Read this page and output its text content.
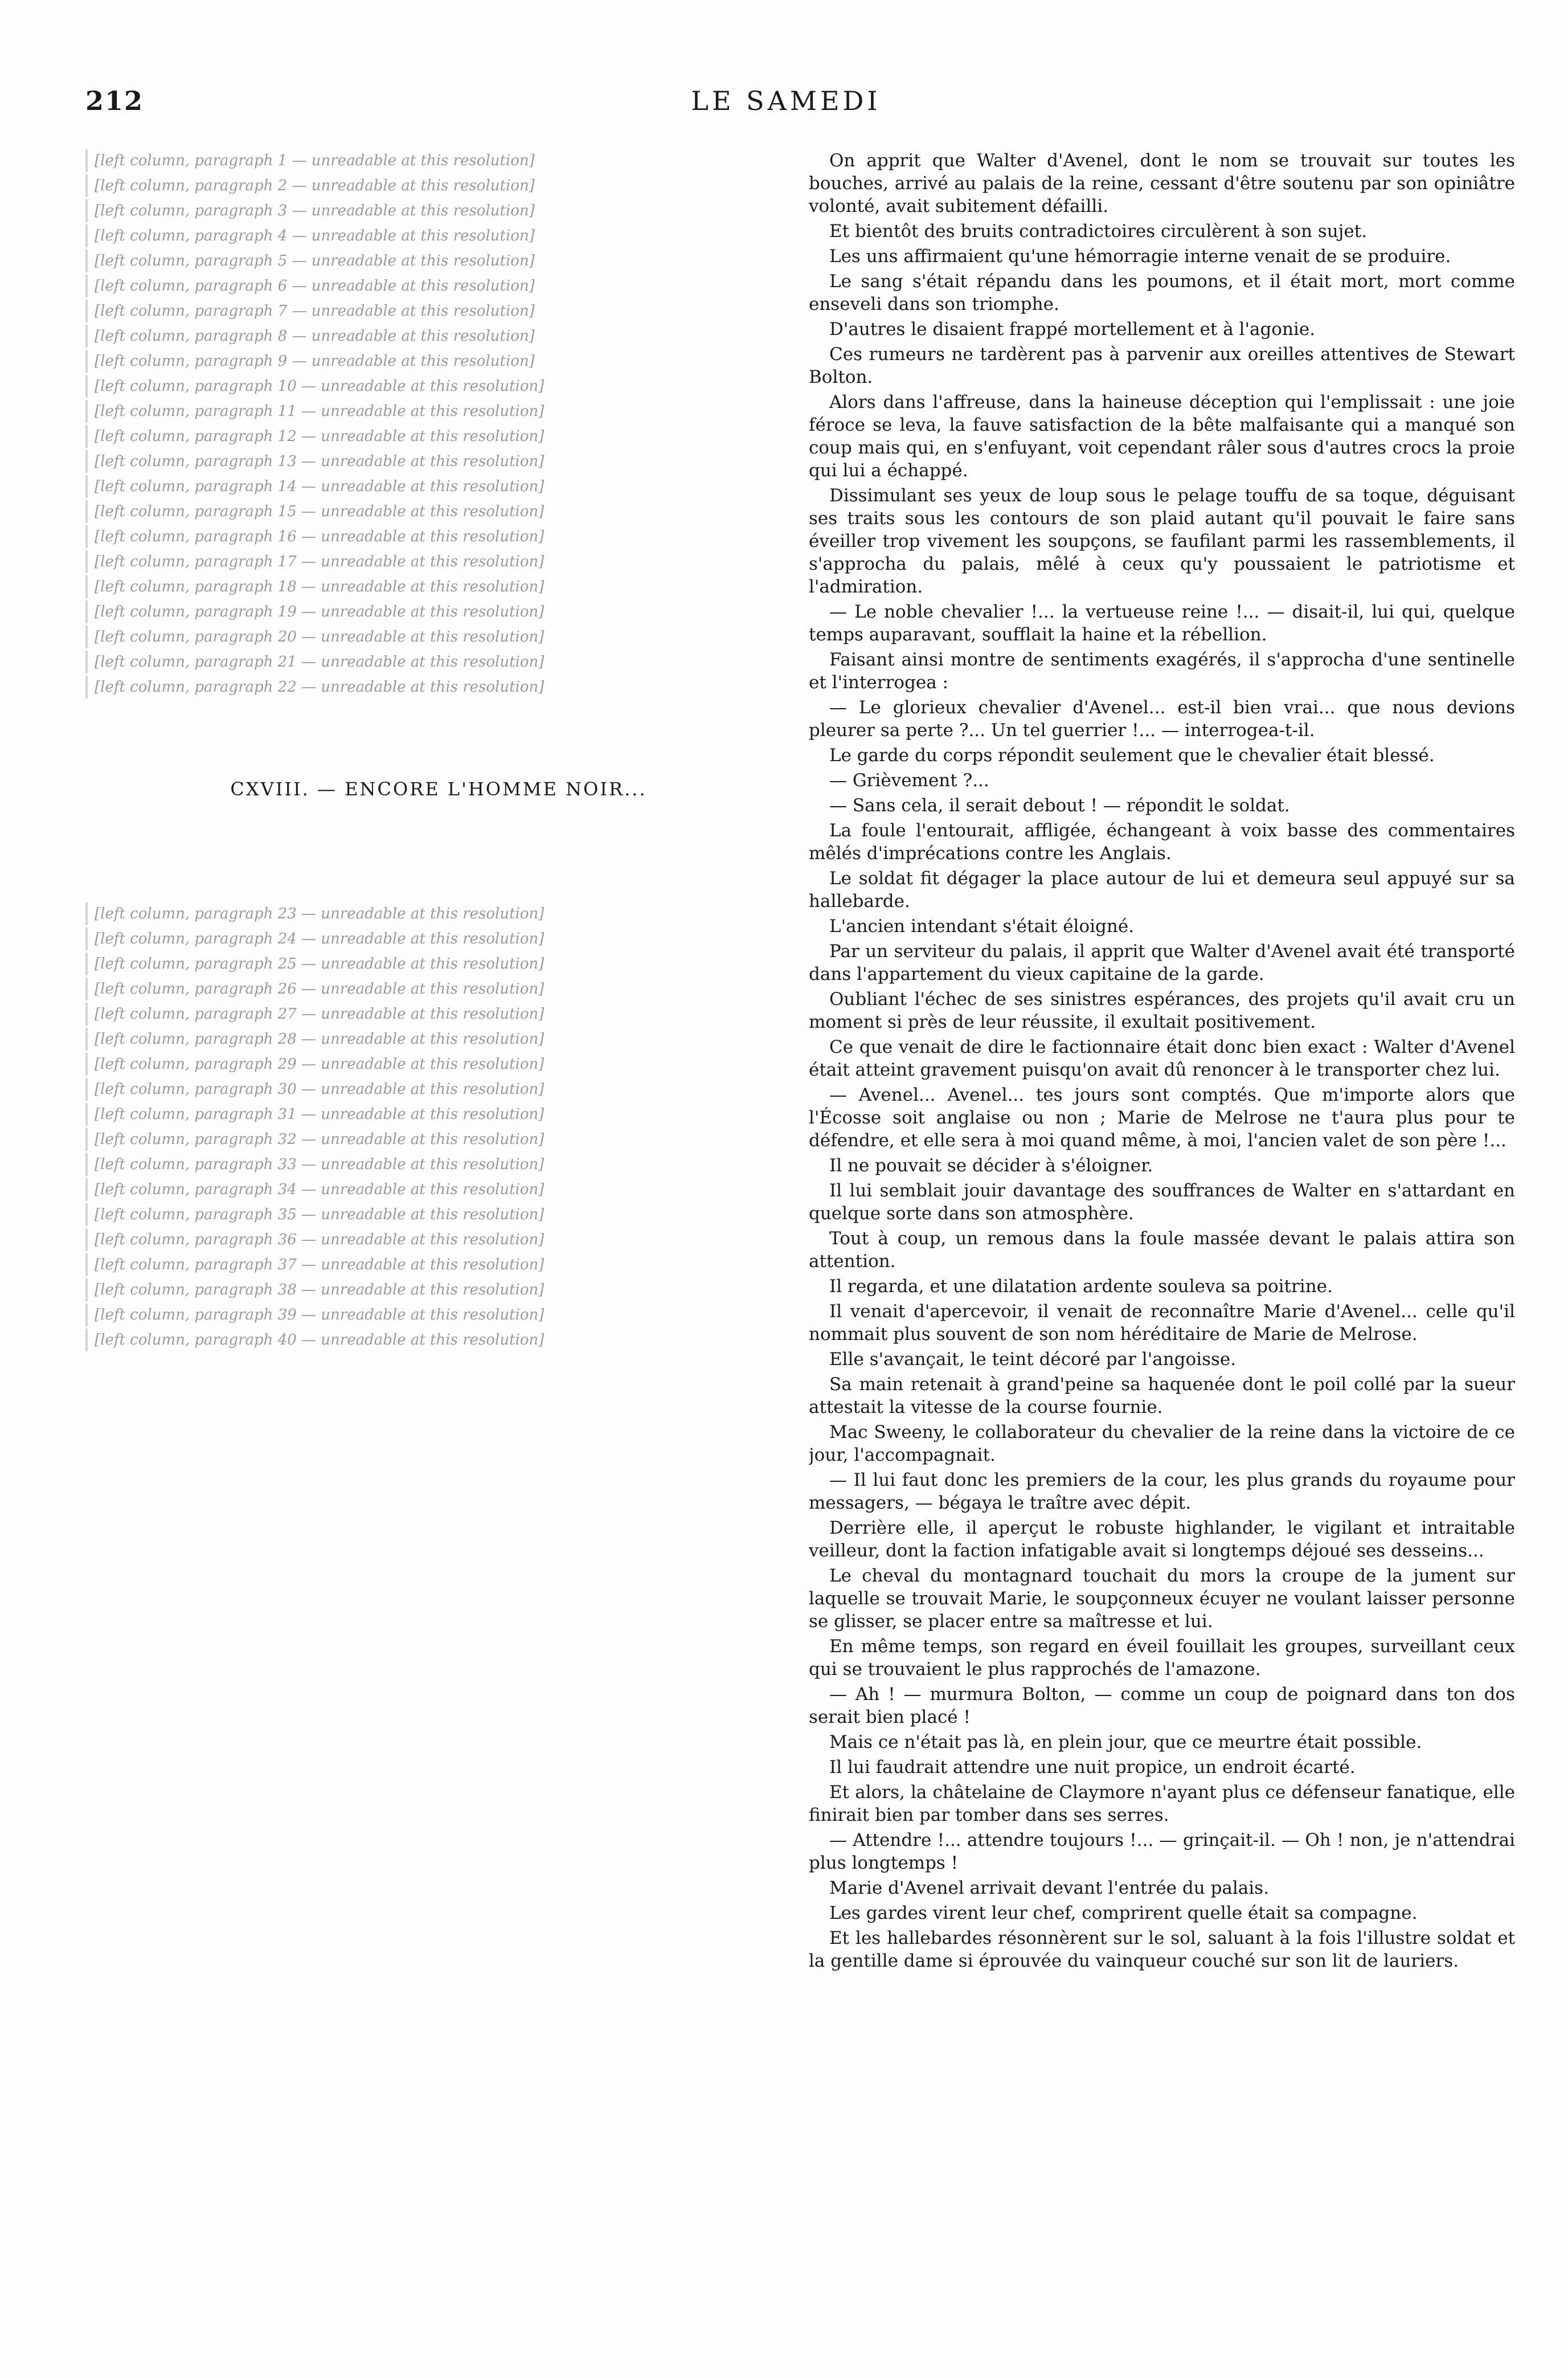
212	LE SAMEDI

[left column, paragraph 1 — unreadable at this resolution]

[left column, paragraph 2 — unreadable at this resolution]

[left column, paragraph 3 — unreadable at this resolution]

[left column, paragraph 4 — unreadable at this resolution]

[left column, paragraph 5 — unreadable at this resolution]

[left column, paragraph 6 — unreadable at this resolution]

[left column, paragraph 7 — unreadable at this resolution]

[left column, paragraph 8 — unreadable at this resolution]

[left column, paragraph 9 — unreadable at this resolution]

[left column, paragraph 10 — unreadable at this resolution]

[left column, paragraph 11 — unreadable at this resolution]

[left column, paragraph 12 — unreadable at this resolution]

[left column, paragraph 13 — unreadable at this resolution]

[left column, paragraph 14 — unreadable at this resolution]

[left column, paragraph 15 — unreadable at this resolution]

[left column, paragraph 16 — unreadable at this resolution]

[left column, paragraph 17 — unreadable at this resolution]

[left column, paragraph 18 — unreadable at this resolution]

[left column, paragraph 19 — unreadable at this resolution]

[left column, paragraph 20 — unreadable at this resolution]

[left column, paragraph 21 — unreadable at this resolution]

[left column, paragraph 22 — unreadable at this resolution]

CXVIII. — ENCORE L'HOMME NOIR...

[left column, paragraph 23 — unreadable at this resolution]

[left column, paragraph 24 — unreadable at this resolution]

[left column, paragraph 25 — unreadable at this resolution]

[left column, paragraph 26 — unreadable at this resolution]

[left column, paragraph 27 — unreadable at this resolution]

[left column, paragraph 28 — unreadable at this resolution]

[left column, paragraph 29 — unreadable at this resolution]

[left column, paragraph 30 — unreadable at this resolution]

[left column, paragraph 31 — unreadable at this resolution]

[left column, paragraph 32 — unreadable at this resolution]

[left column, paragraph 33 — unreadable at this resolution]

[left column, paragraph 34 — unreadable at this resolution]

[left column, paragraph 35 — unreadable at this resolution]

[left column, paragraph 36 — unreadable at this resolution]

[left column, paragraph 37 — unreadable at this resolution]

[left column, paragraph 38 — unreadable at this resolution]

[left column, paragraph 39 — unreadable at this resolution]

[left column, paragraph 40 — unreadable at this resolution]

On apprit que Walter d'Avenel, dont le nom se trouvait sur toutes les bouches, arrivé au palais de la reine, cessant d'être soutenu par son opiniâtre volonté, avait subitement défailli.

Et bientôt des bruits contradictoires circulèrent à son sujet.

Les uns affirmaient qu'une hémorragie interne venait de se produire.

Le sang s'était répandu dans les poumons, et il était mort, mort comme enseveli dans son triomphe.

D'autres le disaient frappé mortellement et à l'agonie.

Ces rumeurs ne tardèrent pas à parvenir aux oreilles attentives de Stewart Bolton.

Alors dans l'affreuse, dans la haineuse déception qui l'emplissait : une joie féroce se leva, la fauve satisfaction de la bête malfaisante qui a manqué son coup mais qui, en s'enfuyant, voit cependant râler sous d'autres crocs la proie qui lui a échappé.

Dissimulant ses yeux de loup sous le pelage touffu de sa toque, déguisant ses traits sous les contours de son plaid autant qu'il pouvait le faire sans éveiller trop vivement les soupçons, se faufilant parmi les rassemblements, il s'approcha du palais, mêlé à ceux qu'y poussaient le patriotisme et l'admiration.

— Le noble chevalier !... la vertueuse reine !... — disait-il, lui qui, quelque temps auparavant, soufflait la haine et la rébellion.

Faisant ainsi montre de sentiments exagérés, il s'approcha d'une sentinelle et l'interrogea :

— Le glorieux chevalier d'Avenel... est-il bien vrai... que nous devions pleurer sa perte ?... Un tel guerrier !... — interrogea-t-il.

Le garde du corps répondit seulement que le chevalier était blessé.

— Grièvement ?...

— Sans cela, il serait debout ! — répondit le soldat.

La foule l'entourait, affligée, échangeant à voix basse des commentaires mêlés d'imprécations contre les Anglais.

Le soldat fit dégager la place autour de lui et demeura seul appuyé sur sa hallebarde.

L'ancien intendant s'était éloigné.

Par un serviteur du palais, il apprit que Walter d'Avenel avait été transporté dans l'appartement du vieux capitaine de la garde.

Oubliant l'échec de ses sinistres espérances, des projets qu'il avait cru un moment si près de leur réussite, il exultait positivement.

Ce que venait de dire le factionnaire était donc bien exact : Walter d'Avenel était atteint gravement puisqu'on avait dû renoncer à le transporter chez lui.

— Avenel... Avenel... tes jours sont comptés. Que m'importe alors que l'Écosse soit anglaise ou non ; Marie de Melrose ne t'aura plus pour te défendre, et elle sera à moi quand même, à moi, l'ancien valet de son père !...

Il ne pouvait se décider à s'éloigner.

Il lui semblait jouir davantage des souffrances de Walter en s'attardant en quelque sorte dans son atmosphère.

Tout à coup, un remous dans la foule massée devant le palais attira son attention.

Il regarda, et une dilatation ardente souleva sa poitrine.

Il venait d'apercevoir, il venait de reconnaître Marie d'Avenel... celle qu'il nommait plus souvent de son nom héréditaire de Marie de Melrose.

Elle s'avançait, le teint décoré par l'angoisse.

Sa main retenait à grand'peine sa haquenée dont le poil collé par la sueur attestait la vitesse de la course fournie.

Mac Sweeny, le collaborateur du chevalier de la reine dans la victoire de ce jour, l'accompagnait.

— Il lui faut donc les premiers de la cour, les plus grands du royaume pour messagers, — bégaya le traître avec dépit.

Derrière elle, il aperçut le robuste highlander, le vigilant et intraitable veilleur, dont la faction infatigable avait si longtemps déjoué ses desseins...

Le cheval du montagnard touchait du mors la croupe de la jument sur laquelle se trouvait Marie, le soupçonneux écuyer ne voulant laisser personne se glisser, se placer entre sa maîtresse et lui.

En même temps, son regard en éveil fouillait les groupes, surveillant ceux qui se trouvaient le plus rapprochés de l'amazone.

— Ah ! — murmura Bolton, — comme un coup de poignard dans ton dos serait bien placé !

Mais ce n'était pas là, en plein jour, que ce meurtre était possible.

Il lui faudrait attendre une nuit propice, un endroit écarté.

Et alors, la châtelaine de Claymore n'ayant plus ce défenseur fanatique, elle finirait bien par tomber dans ses serres.

— Attendre !... attendre toujours !... — grinçait-il. — Oh ! non, je n'attendrai plus longtemps !

Marie d'Avenel arrivait devant l'entrée du palais.

Les gardes virent leur chef, comprirent quelle était sa compagne.

Et les hallebardes résonnèrent sur le sol, saluant à la fois l'illustre soldat et la gentille dame si éprouvée du vainqueur couché sur son lit de lauriers.
